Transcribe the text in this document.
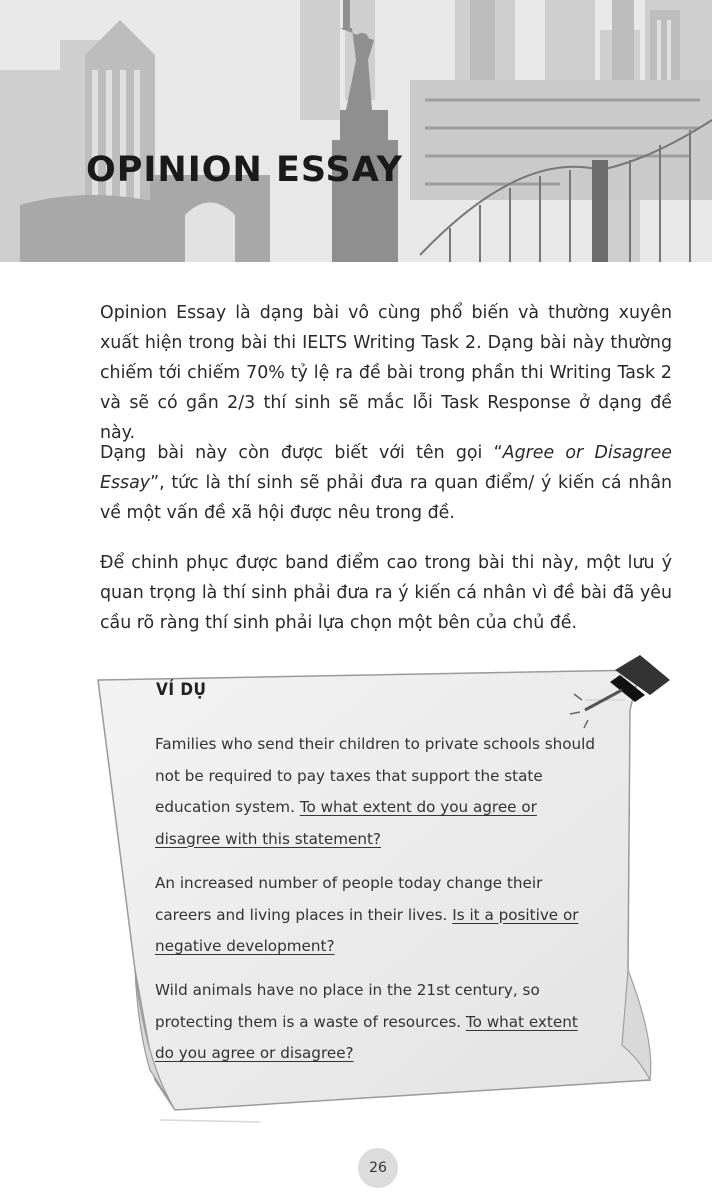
OPINION ESSAY

Opinion Essay là dạng bài vô cùng phổ biến và thường xuyên xuất hiện trong bài thi IELTS Writing Task 2. Dạng bài này thường chiếm tới chiếm 70% tỷ lệ ra đề bài trong phần thi Writing Task 2 và sẽ có gần 2/3 thí sinh sẽ mắc lỗi Task Response ở dạng đề này.

Dạng bài này còn được biết với tên gọi “Agree or Disagree Essay”, tức là thí sinh sẽ phải đưa ra quan điểm/ ý kiến cá nhân về một vấn đề xã hội được nêu trong đề.

Để chinh phục được band điểm cao trong bài thi này, một lưu ý quan trọng là thí sinh phải đưa ra ý kiến cá nhân vì đề bài đã yêu cầu rõ ràng thí sinh phải lựa chọn một bên của chủ đề.

VÍ DỤ

Families who send their children to private schools should not be required to pay taxes that support the state education system. To what extent do you agree or disagree with this statement?

An increased number of people today change their careers and living places in their lives. Is it a positive or negative development?

Wild animals have no place in the 21st century, so protecting them is a waste of resources. To what extent do you agree or disagree?

26
